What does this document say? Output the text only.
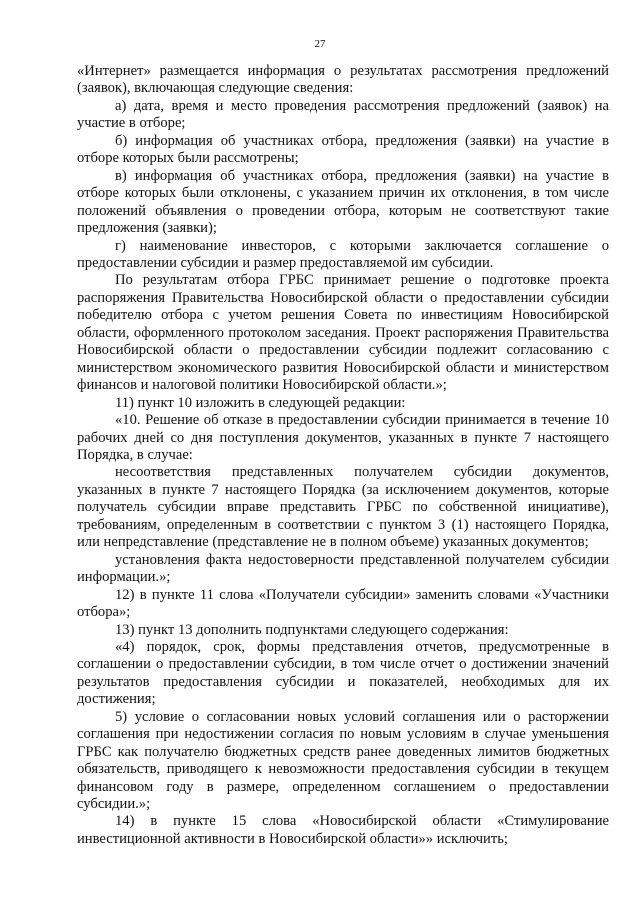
27

«Интернет» размещается информация о результатах рассмотрения предложений (заявок), включающая следующие сведения:

а) дата, время и место проведения рассмотрения предложений (заявок) на участие в отборе;

б) информация об участниках отбора, предложения (заявки) на участие в отборе которых были рассмотрены;

в) информация об участниках отбора, предложения (заявки) на участие в отборе которых были отклонены, с указанием причин их отклонения, в том числе положений объявления о проведении отбора, которым не соответствуют такие предложения (заявки);

г) наименование инвесторов, с которыми заключается соглашение о предоставлении субсидии и размер предоставляемой им субсидии.

По результатам отбора ГРБС принимает решение о подготовке проекта распоряжения Правительства Новосибирской области о предоставлении субсидии победителю отбора с учетом решения Совета по инвестициям Новосибирской области, оформленного протоколом заседания. Проект распоряжения Правительства Новосибирской области о предоставлении субсидии подлежит согласованию с министерством экономического развития Новосибирской области и министерством финансов и налоговой политики Новосибирской области.»;

11) пункт 10 изложить в следующей редакции:

«10. Решение об отказе в предоставлении субсидии принимается в течение 10 рабочих дней со дня поступления документов, указанных в пункте 7 настоящего Порядка, в случае:

несоответствия представленных получателем субсидии документов, указанных в пункте 7 настоящего Порядка (за исключением документов, которые получатель субсидии вправе представить ГРБС по собственной инициативе), требованиям, определенным в соответствии с пунктом 3 (1) настоящего Порядка, или непредставление (представление не в полном объеме) указанных документов;

установления факта недостоверности представленной получателем субсидии информации.»;

12) в пункте 11 слова «Получатели субсидии» заменить словами «Участники отбора»;

13) пункт 13 дополнить подпунктами следующего содержания:

«4) порядок, срок, формы представления отчетов, предусмотренные в соглашении о предоставлении субсидии, в том числе отчет о достижении значений результатов предоставления субсидии и показателей, необходимых для их достижения;

5) условие о согласовании новых условий соглашения или о расторжении соглашения при недостижении согласия по новым условиям в случае уменьшения ГРБС как получателю бюджетных средств ранее доведенных лимитов бюджетных обязательств, приводящего к невозможности предоставления субсидии в текущем финансовом году в размере, определенном соглашением о предоставлении субсидии.»;

14) в пункте 15 слова «Новосибирской области «Стимулирование инвестиционной активности в Новосибирской области»» исключить;
